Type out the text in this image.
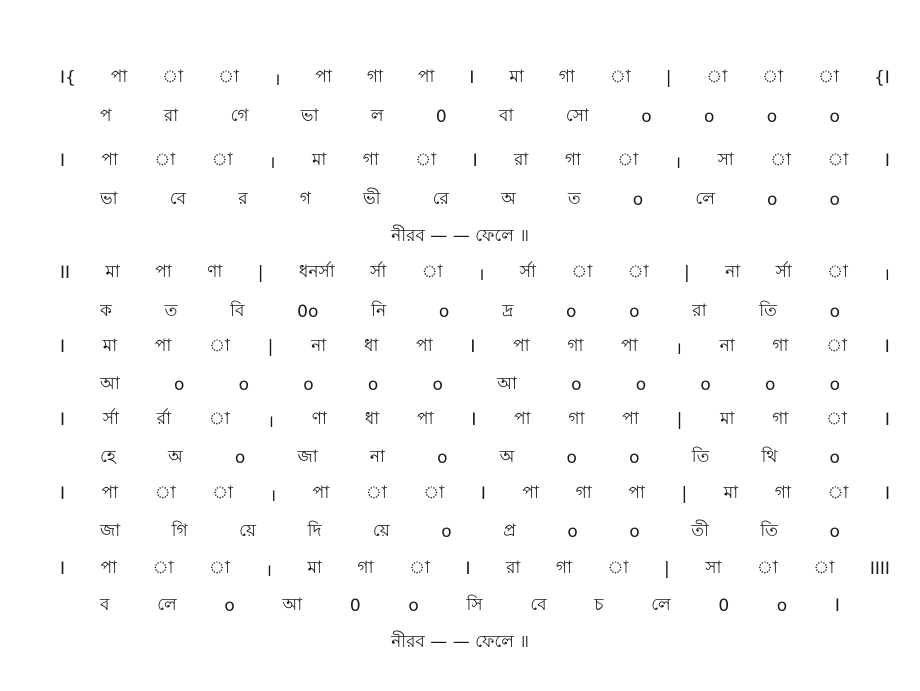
I{ পা া া । পা গা পা I মা গা া | া া া {I
প	রা	গে	ভা	ল	0	বা	সো	o	o	o	o
I পা া া । মা গা া I রা গা া । সা া া I
ভা	বে	র	গ	ভী	রে	অ	ত	o	লে	o	o
নীরব — — ফেলে ॥
II মা পা ণা | ধনর্সা র্সা া । র্সা া া | না র্সা া ।
ক	ত	বি	0o	নি	o	দ্র	o	o	রা	তি	o
I মা পা া | না ধা পা I পা গা পা । না গা া I
আ	o	o	o	o	o	আ	o	o	o	o	o
I র্সা র্রা া । ণা ধা পা I পা গা পা | মা গা া I
হে	অ	o	জা	না	o	অ	o	o	তি	থি	o
I পা া া । পা া া I পা গা পা | মা গা া I
জা	গি	য়ে	দি	য়ে	o	প্র	o	o	তী	তি	o
I পা া া । মা গা া I রা গা া | সা া া IIII
ব	লে	o	আ	0	o	সি	বে	চ	লে	0	o	I
নীরব — — ফেলে ॥
